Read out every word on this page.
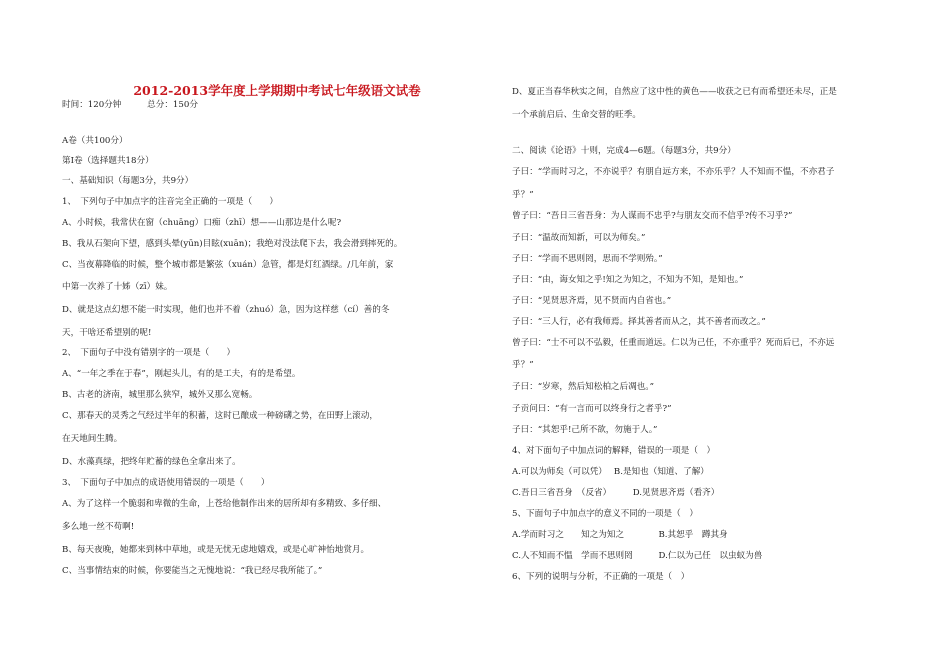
2012-2013学年度上学期期中考试七年级语文试卷
时间：120分钟　　　总分：150分
A卷（共100分）
第Ⅰ卷（选择题共18分）
一、基础知识（每题3分，共9分）
1、　下列句子中加点字的注音完全正确的一项是（　　）
A、小时候，我常伏在窗（chuāng）口痴（zhī）想——山那边是什么呢?
B、我从石架向下望，感到头晕(yūn)目眩(xuān)；我绝对没法爬下去，我会滑到摔死的。
C、当夜幕降临的时候，整个城市都是繁弦（xuán）急管，都是灯红酒绿。/几年前，家
中第一次养了十姊（zī）妹。
D、就是这点幻想不能一时实现，他们也并不着（zhuó）急，因为这样慈（cí）善的冬
天，干啥还希望别的呢!
2、　下面句子中没有错别字的一项是（　　）
A、“一年之季在于春”，刚起头儿，有的是工夫，有的是希望。
B、古老的济南，城里那么狭窄，城外又那么宽畅。
C、那春天的灵秀之气经过半年的积蓄，这时已酿成一种磅礴之势，在田野上滚动，
在天地间生腾。
D、水藻真绿，把终年贮蓄的绿色全拿出来了。
3、　下面句子中加点的成语使用错误的一项是（　　）
A、为了这样一个脆弱和卑微的生命，上苍给他制作出来的居所却有多精致、多仔细、
多么地一丝不苟啊!
B、每天夜晚，她都来到林中草地，或是无忧无虑地嬉戏，或是心旷神怡地赏月。
C、当事情结束的时候，你要能当之无愧地说：“我已经尽我所能了。”
D、夏正当春华秋实之间，自然应了这中性的黄色——收获之已有而希望还未尽，正是
一个承前启后、生命交替的旺季。
二、阅读《论语》十则，完成4—6题。（每题3分，共9分）
子曰：“学而时习之，不亦说乎？有朋自远方来，不亦乐乎？人不知而不愠，不亦君子
乎？”
曾子曰：“吾日三省吾身：为人谋而不忠乎?与朋友交而不信乎?传不习乎?”
子曰：“温故而知新，可以为师矣。”
子曰：“学而不思则罔，思而不学则殆。”
子曰：“由，诲女知之乎!知之为知之，不知为不知，是知也。”
子曰：“见贤思齐焉，见不贤而内自省也。”
子曰：“三人行，必有我师焉。择其善者而从之，其不善者而改之。”
曾子曰：“士不可以不弘毅，任重而道远。仁以为己任，不亦重乎？死而后已，不亦远
乎？”
子曰：“岁寒，然后知松柏之后凋也。”
子贡问曰：“有一言而可以终身行之者乎?”
子曰：“其恕乎!己所不欲，勿施于人。”
4、对下面句子中加点词的解释，错误的一项是（　）
A.可以为师矣（可以凭）　 B.是知也（知道、了解）
C.吾日三省吾身　（反省）　　　D.见贤思齐焉（看齐）
5、下面句子中加点字的意义不同的一项是（　）
A.学而时习之　　知之为知之　　　　B.其恕乎　蹲其身
C.人不知而不愠　学而不思则罔　　　D.仁以为己任　以虫蚁为兽
6、下列的说明与分析，不正确的一项是（　）
